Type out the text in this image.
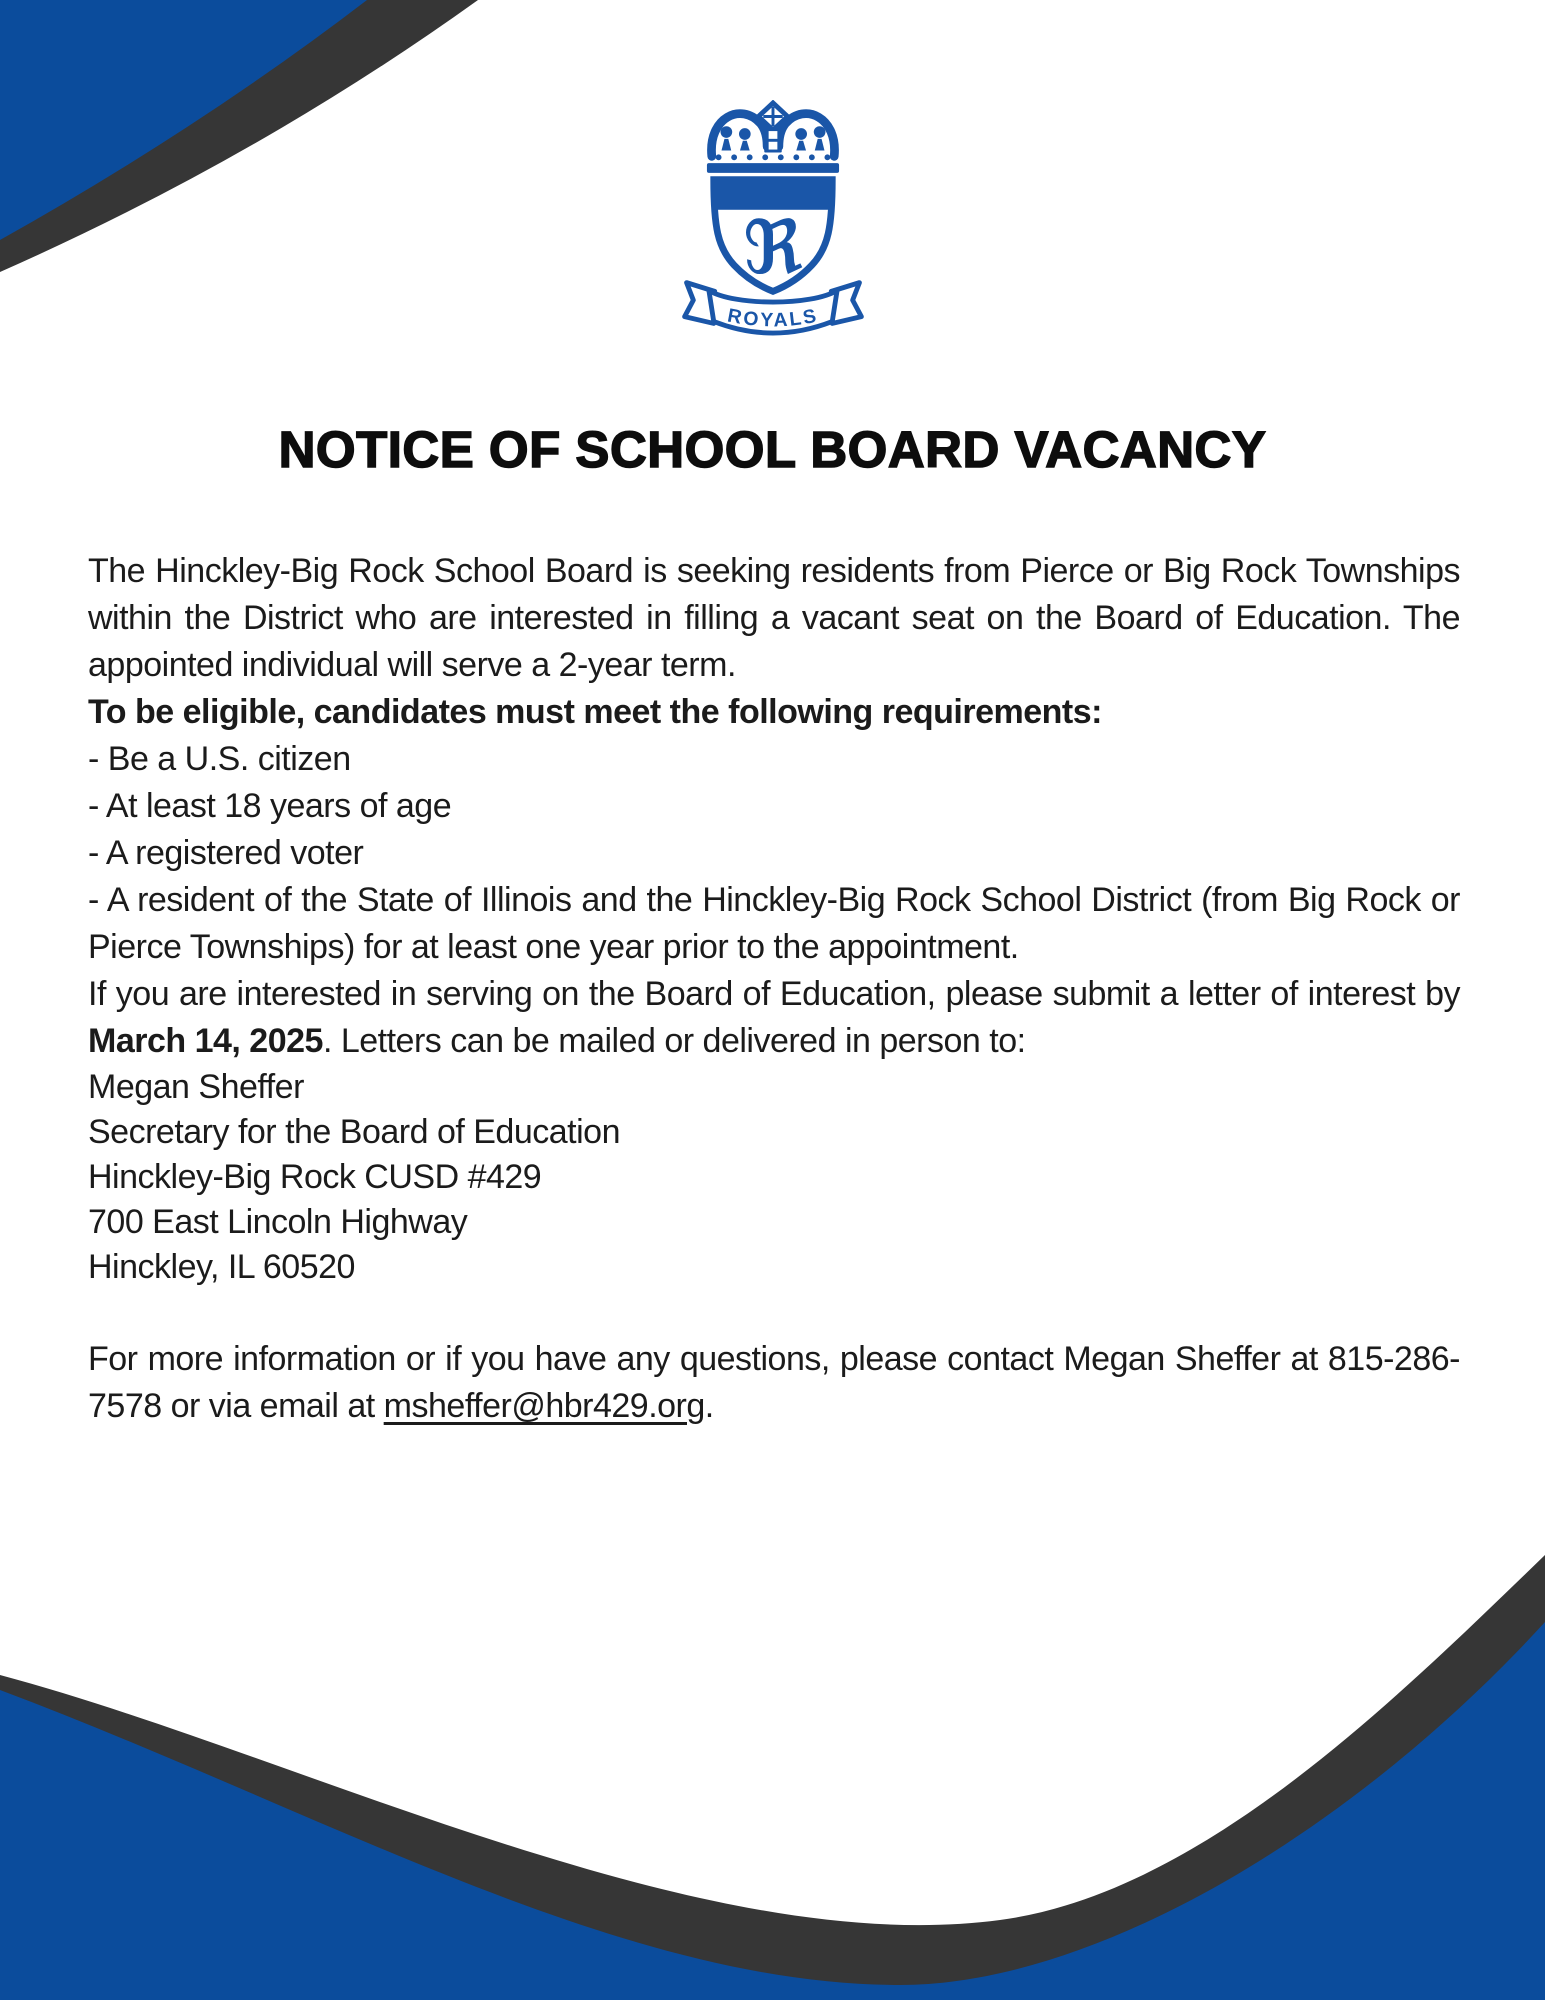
ℜ
ROYALS
NOTICE OF SCHOOL BOARD VACANCY

The Hinckley-Big Rock School Board is seeking residents from Pierce or Big Rock Townships within the District who are interested in filling a vacant seat on the Board of Education. The appointed individual will serve a 2-year term.

To be eligible, candidates must meet the following requirements:

- Be a U.S. citizen

- At least 18 years of age

- A registered voter

- A resident of the State of Illinois and the Hinckley-Big Rock School District (from Big Rock or Pierce Townships) for at least one year prior to the appointment.

If you are interested in serving on the Board of Education, please submit a letter of interest by March 14, 2025. Letters can be mailed or delivered in person to:

Megan Sheffer

Secretary for the Board of Education

Hinckley-Big Rock CUSD #429

700 East Lincoln Highway

Hinckley, IL 60520

For more information or if you have any questions, please contact Megan Sheffer at 815-286-7578 or via email at msheffer@hbr429.org.
